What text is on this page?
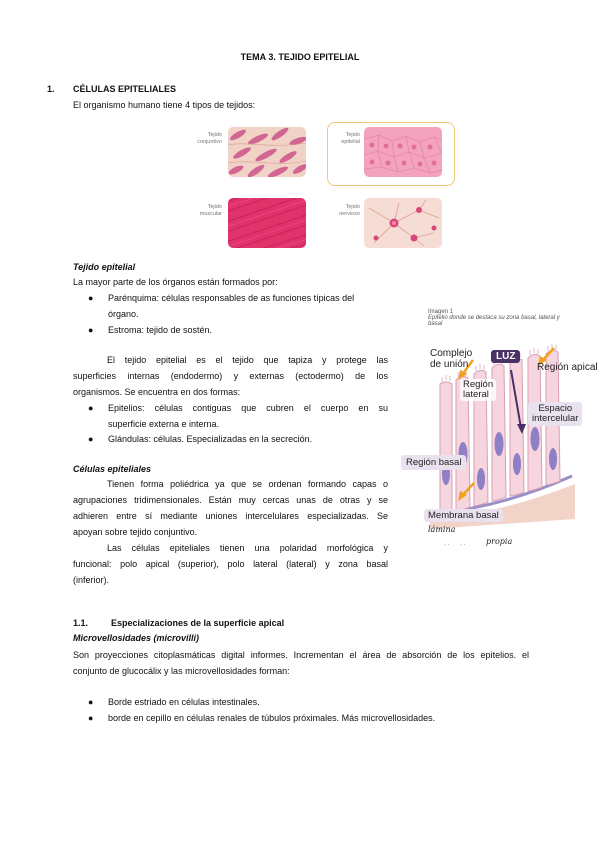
TEMA 3. TEJIDO EPITELIAL
1. CÉLULAS EPITELIALES
El organismo humano tiene 4 tipos de tejidos:
Tejido
conjuntivo
Tejido
epitelial
Tejido
muscular
Tejido
nervioso
Tejido epitelial
La mayor parte de los órganos están formados por:
● Parénquima: células responsables de as funciones típicas del
órgano.
● Estroma: tejido de sostén.
El tejido epitelial es el tejido que tapiza y protege las
superficies internas (endodermo) y externas (ectodermo) de los
organismos. Se encuentra en dos formas:
● Epitelios: células contiguas que cubren el cuerpo en su
superficie externa e interna.
● Glándulas: células. Especializadas en la secreción.
Células epiteliales
Tienen forma poliédrica ya que se ordenan formando capas o
agrupaciones tridimensionales. Están muy cercas unas de otras y se
adhieren entre sí mediante uniones intercelulares especializadas. Se
apoyan sobre tejido conjuntivo.
Las células epiteliales tienen una polaridad morfológica y
funcional: polo apical (superior), polo lateral (lateral) y zona basal
(inferior).
Imagen 1
Epitelio donde se destaca su zona basal, lateral y
basal
lámina
propia
· · · ·
Complejo
de unión
LUZ
Región apical
Región
lateral
Espacio
intercelular
Región basal
Membrana basal
1.1.	Especializaciones de la superficie apical
Microvellosidades (microvilli)
Son proyecciones citoplasmáticas digital informes. Incrementan el área de absorción de los epitelios. el
conjunto de glucocálix y las microvellosidades forman:
● Borde estriado en células intestinales.
● borde en cepillo en células renales de túbulos próximales. Más microvellosidades.
